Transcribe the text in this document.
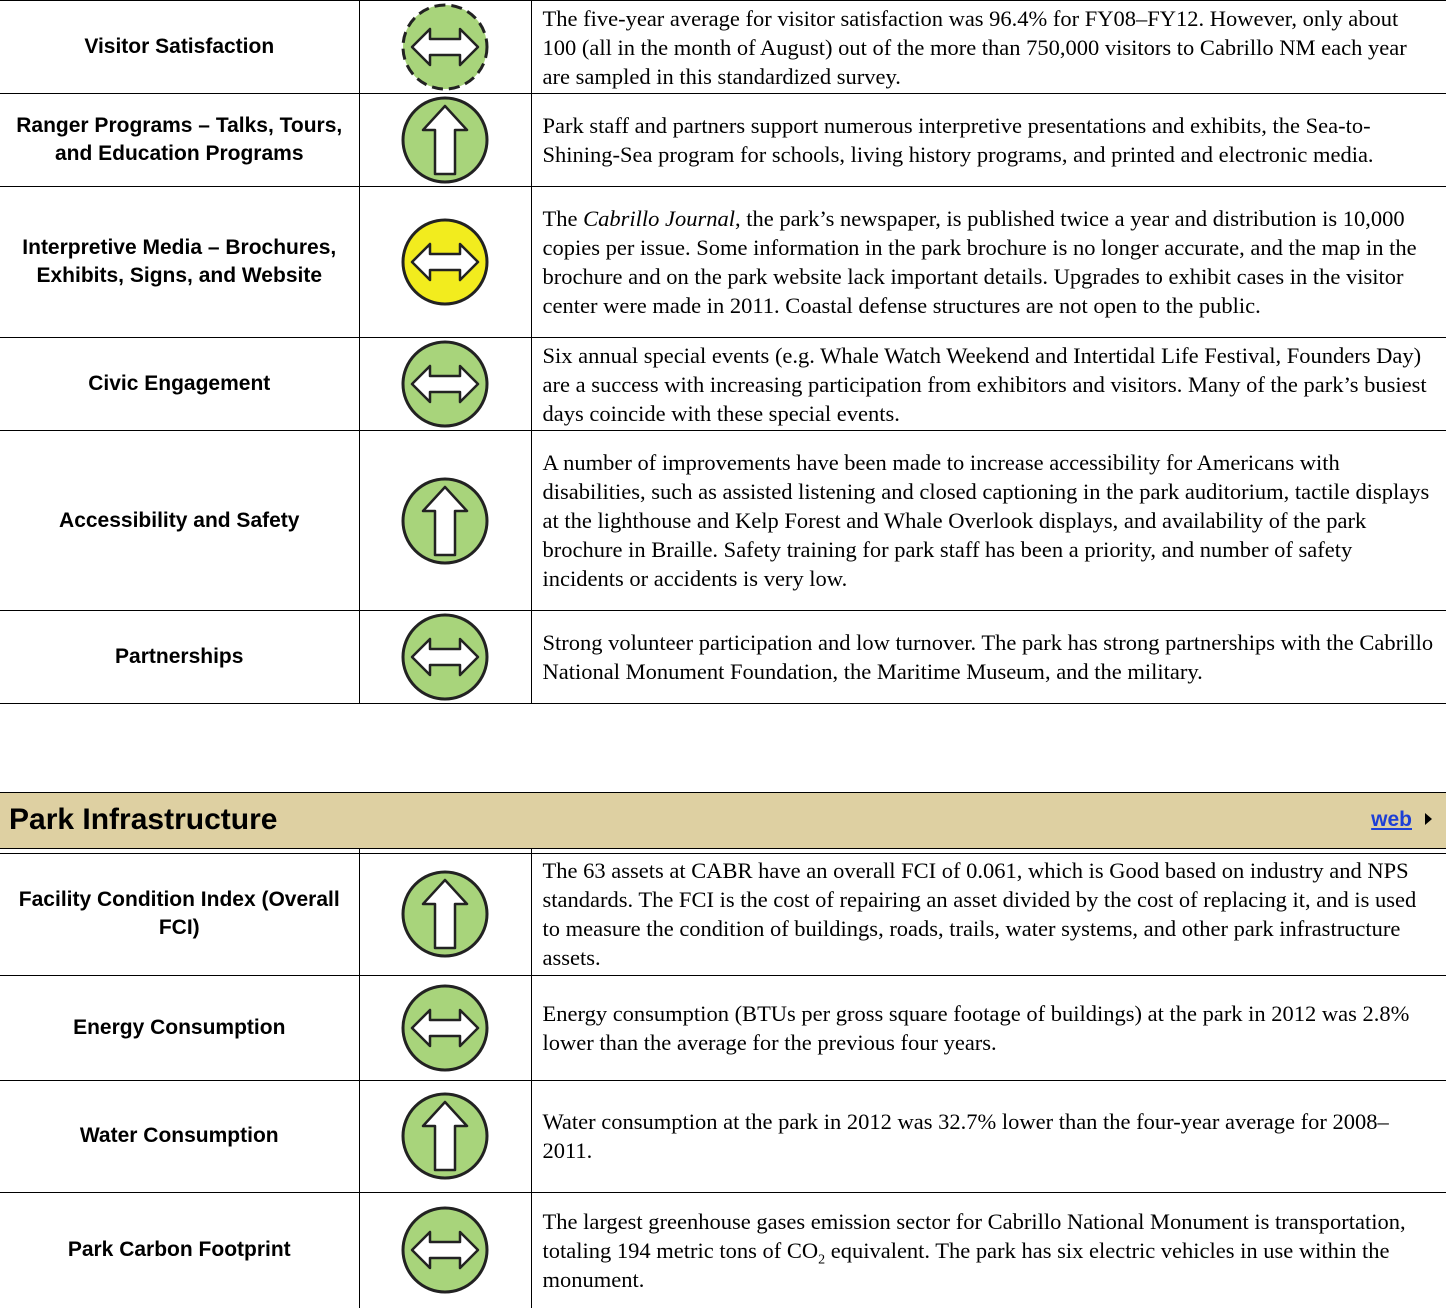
Visitor Satisfaction		The five-year average for visitor satisfaction was 96.4% for FY08–FY12. However, only about 100 (all in the month of August) out of the more than 750,000 visitors to Cabrillo NM each year are sampled in this standardized survey.
Ranger Programs – Talks, Tours, and Education Programs		Park staff and partners support numerous interpretive presentations and exhibits, the Sea-to-Shining-Sea program for schools, living history programs, and printed and electronic media.
Interpretive Media – Brochures, Exhibits, Signs, and Website		The Cabrillo Journal, the park’s newspaper, is published twice a year and distribution is 10,000 copies per issue. Some information in the park brochure is no longer accurate, and the map in the brochure and on the park website lack important details. Upgrades to exhibit cases in the visitor center were made in 2011. Coastal defense structures are not open to the public.
Civic Engagement		Six annual special events (e.g. Whale Watch Weekend and Intertidal Life Festival, Founders Day) are a success with increasing participation from exhibitors and visitors. Many of the park’s busiest days coincide with these special events.
Accessibility and Safety		A number of improvements have been made to increase accessibility for Americans with disabilities, such as assisted listening and closed captioning in the park auditorium, tactile displays at the lighthouse and Kelp Forest and Whale Overlook displays, and availability of the park brochure in Braille. Safety training for park staff has been a priority, and number of safety incidents or accidents is very low.
Partnerships		Strong volunteer participation and low turnover. The park has strong partnerships with the Cabrillo National Monument Foundation, the Maritime Museum, and the military.
Park Infrastructure	web

Facility Condition Index (Overall FCI)		The 63 assets at CABR have an overall FCI of 0.061, which is Good based on industry and NPS standards. The FCI is the cost of repairing an asset divided by the cost of replacing it, and is used to measure the condition of buildings, roads, trails, water systems, and other park infrastructure assets.
Energy Consumption		Energy consumption (BTUs per gross square footage of buildings) at the park in 2012 was 2.8% lower than the average for the previous four years.
Water Consumption		Water consumption at the park in 2012 was 32.7% lower than the four-year average for 2008–2011.
Park Carbon Footprint		The largest greenhouse gases emission sector for Cabrillo National Monument is transportation, totaling 194 metric tons of $CO_2$ equivalent. The park has six electric vehicles in use within the monument.
